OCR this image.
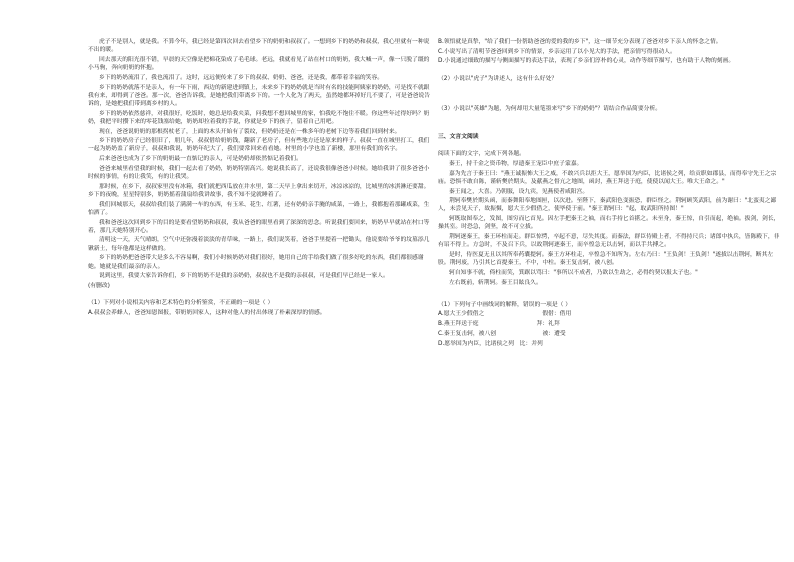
虎子不是别人，就是我。不算今年，我已经是第四次回去看望乡下的奶奶和叔叔了。一想到乡下的奶奶和叔叔，我心里就有一种说不出的暖。

回去那天的阳光很不错，早晨的天空像是把棉花染成了毛毛球。老远，我就看见了站在村口的奶奶，我大喊一声，像一只脱了缰的小马驹，奔向奶奶的怀抱。

乡下的奶奶流泪了，我也流泪了。这时，远远便传来了乡下的叔叔、奶奶、爸爸，还是我，都带着幸福的笑容。

乡下的奶奶就落不是亲人，有一年下雨，西边的新建进到镇上，未来乡下的奶奶就是当时有名的技能阿姨家的奶奶，可是找不就跟我有来，却得到了爸爸。那一次，爸爸告诉我，是她把我们带离乡下的。一个人化为了两天，虽然她都坏掉好几不要了，可是爸爸说告诉的，是她把我们带到离乡村的人。

乡下的奶奶依然慈祥，对我很好，吃饭时，她总是给我夹菜，问我想不想回城里的家，怕我吃不饱住不暖。你这些年过得好吗？奶奶，我把平时攒下来的零花钱塞给她，奶奶却拉着我的手说，你就是乡下的孩子，留着自己用吧。

现在，爸爸说奶奶的那根拐杖老了，上面的木头开始有了裂纹，但奶奶还是在一株多年的老树下边等着我们回到村来。

乡下的奶奶房子已经很旧了，朋几年，叔叔借给奶奶钱，翻新了老房子，但有些地方还是原来的样子。叔叔一直在城里打工，我们一起为奶奶盖了新房子，叔叔和我说，奶奶年纪大了，我们要常回来看看她。村里的小学也盖了新楼，那里有我们的名字。

后来爸爸也成为了乡下的奶奶最一直惦记的亲人，可是奶奶却依然惦记着我们。

爸爸来城里看望我的时候，我们一起去看了奶奶，奶奶特别高兴。她说我长高了，还说我很像爸爸小时候。她给我讲了很多爸爸小时候的事情，有的让我笑，有的让我哭。

那时候，在乡下，叔叔家里没有冰箱，我们就把西瓜放在井水里，第二天早上拿出来切开，冰凉冰凉的，比城里的冰淇淋还要甜。乡下的夜晚，星星特别多，奶奶摇着蒲扇给我讲故事，我不知不觉就睡着了。

我们回城那天，叔叔给我们装了满满一车的东西，有玉米、花生、红薯，还有奶奶亲手腌的咸菜，一路上，我都抱着那罐咸菜，生怕洒了。

我和爸爸这次回到乡下的目的是要看望奶奶和叔叔，我从爸爸的眼里看到了深深的思念。听说我们要回来，奶奶早早就站在村口等着，那几天她特别开心。

清明这一天，天气晴朗，空气中还弥漫着淡淡的青草味，一路上，我们说笑着，爸爸手里提着一把锄头，他说要给爷爷的坟墓添几锹新土，每年他都是这样做的。

乡下的奶奶把爸爸带大是多么不容易啊，我们小时候奶奶对我们很好，她用自己的手给我们做了很多好吃的东西，我们都很感谢她。她就是我们最亲的亲人。

说到这里，我要大家告诉你们，乡下的奶奶不是我的亲奶奶，叔叔也不是我的亲叔叔，可是我们早已经是一家人。

(有删改)

（1）下列对小说相关内容和艺术特色的分析鉴赏，不正确的一项是（ ）

A.叔叔会养蜂人，爸爸知恩图报，带奶奶回家人，这种对他人的付出体现了朴素深厚的情感。

B.领悟就是真挚，"给了我们一份帮助爸爸的爱的我的乡下"，这一细节充分表现了爸爸对乡下亲人的怀念之情。

C.小说写出了清明节爸爸回到乡下的情景，乡亲运用了以小见大的手法，把亲情写得很动人。

D.小说通过细致的描写与侧面描写的表达手法，表现了乡亲们淳朴的心灵，动作等细节描写，也有助于人物的刻画。

（2）小说以"虎子"为讲述人，这有什么好处？

（3）小说以"英雄"为题，为何却用大量笔墨来写"乡下的奶奶"？请结合作品简要分析。

三、文言文阅读

阅读下面的文字，完成下列各题。

秦王，持千金之资币物，厚遗秦王宠臣中庶子蒙嘉。

嘉为先言于秦王曰："燕王诚振怖大王之威，不敢兴兵以拒大王，愿举国为内臣，比诸侯之列，给贡职如郡县，而得奉守先王之宗庙。恐惧不敢自陈，谨斩樊於期头，及献燕之督亢之地图，函封，燕王拜送于庭，使使以闻大王。唯大王命之。"

秦王闻之，大喜。乃朝服，设九宾，见燕使者咸阳宫。

荆轲奉樊於期头函，而秦舞阳奉地图匣，以次进。至陛下，秦武阳色变振恐，群臣怪之。荆轲顾笑武阳，前为谢曰："北蛮夷之鄙人，未尝见天子，故振慑，愿大王少假借之，使毕使于前。"秦王谓轲曰："起，取武阳所持图！"

轲既取图奉之，发图，图穷而匕首见。因左手把秦王之袖，而右手持匕首揕之。未至身，秦王惊，自引而起，绝袖。拔剑，剑长，操其室。时恐急，剑坚，故不可立拔。

荆轲逐秦王，秦王环柱而走。群臣惊愕，卒起不意，尽失其度。而秦法，群臣侍殿上者，不得持尺兵；诸郎中执兵，皆陈殿下，非有诏不得上。方急时，不及召下兵，以故荆轲逐秦王，而卒惶急无以击轲，而以手共搏之。

是时，侍医夏无且以其所奉药囊提轲。秦王方环柱走，卒惶急不知所为。左右乃曰："王负剑！王负剑！"遂拔以击荆轲，断其左股。荆轲废，乃引其匕首提秦王，不中，中柱。秦王复击轲，被八创。

轲自知事不就，倚柱而笑，箕踞以骂曰："事所以不成者，乃欲以生劫之，必得约契以报太子也。"

左右既前，斩荆轲。秦王目眩良久。

（1）下列句子中画线词的解释，错误的一项是（ ）

A.愿大王少假借之　　　　　　　　　　假借：借用

B.燕王拜送于庭　　　　　　　　　　拜：礼拜

C.秦王复击轲，被八创　　　　　　　　被：遭受

D.愿举国为内臣，比诸侯之列　比：并列
